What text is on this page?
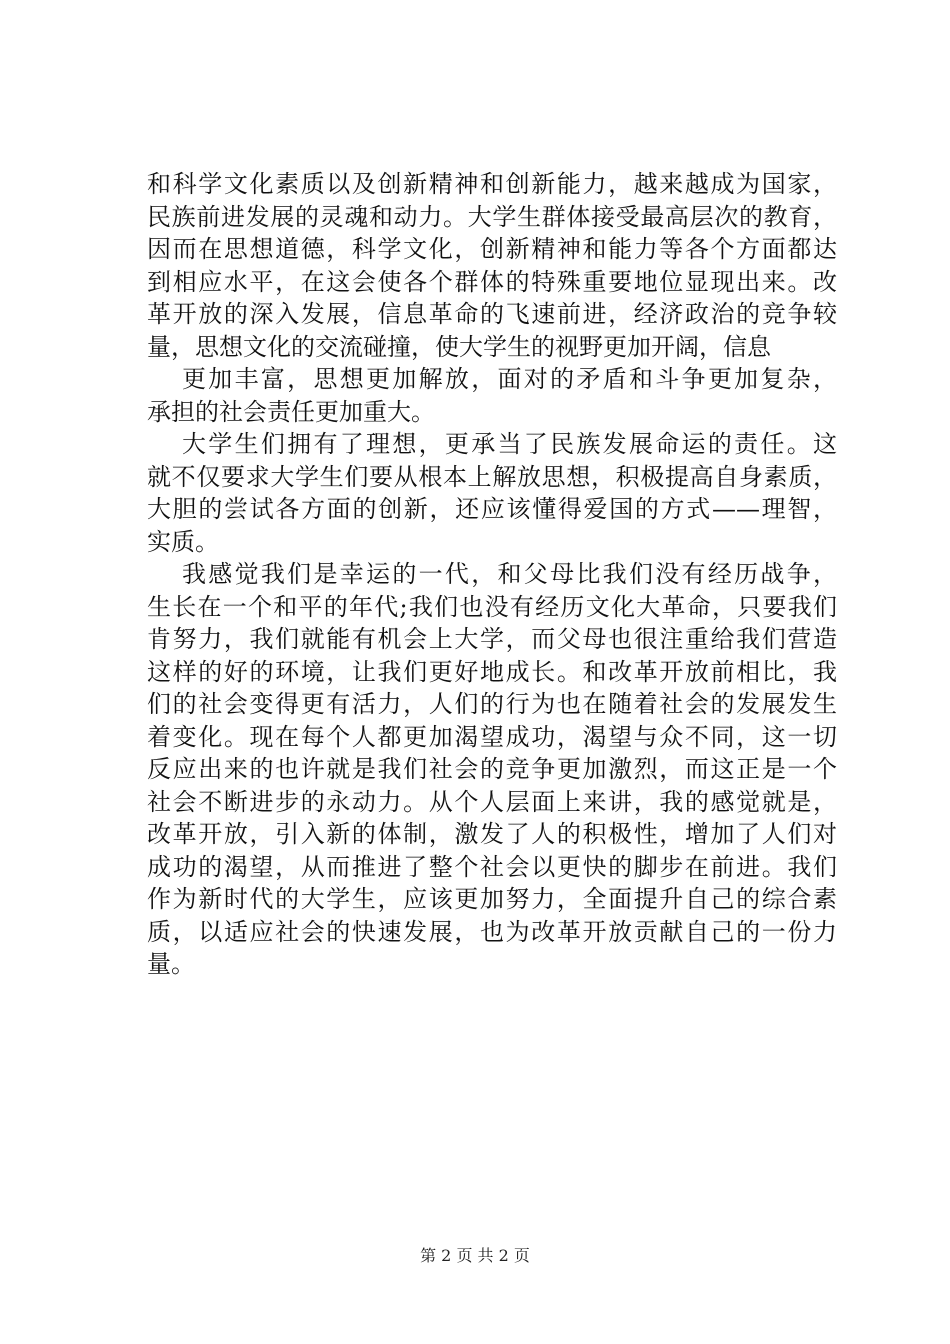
和科学文化素质以及创新精神和创新能力，越来越成为国家，
民族前进发展的灵魂和动力。大学生群体接受最高层次的教育，
因而在思想道德，科学文化，创新精神和能力等各个方面都达
到相应水平，在这会使各个群体的特殊重要地位显现出来。改
革开放的深入发展，信息革命的飞速前进，经济政治的竞争较
量，思想文化的交流碰撞，使大学生的视野更加开阔，信息
更加丰富，思想更加解放，面对的矛盾和斗争更加复杂，
承担的社会责任更加重大。
大学生们拥有了理想，更承当了民族发展命运的责任。这
就不仅要求大学生们要从根本上解放思想，积极提高自身素质，
大胆的尝试各方面的创新，还应该懂得爱国的方式——理智，
实质。
我感觉我们是幸运的一代，和父母比我们没有经历战争，
生长在一个和平的年代;我们也没有经历文化大革命，只要我们
肯努力，我们就能有机会上大学，而父母也很注重给我们营造
这样的好的环境，让我们更好地成长。和改革开放前相比，我
们的社会变得更有活力，人们的行为也在随着社会的发展发生
着变化。现在每个人都更加渴望成功，渴望与众不同，这一切
反应出来的也许就是我们社会的竞争更加激烈，而这正是一个
社会不断进步的永动力。从个人层面上来讲，我的感觉就是，
改革开放，引入新的体制，激发了人的积极性，增加了人们对
成功的渴望，从而推进了整个社会以更快的脚步在前进。我们
作为新时代的大学生，应该更加努力，全面提升自己的综合素
质，以适应社会的快速发展，也为改革开放贡献自己的一份力
量。
第 2 页 共 2 页
